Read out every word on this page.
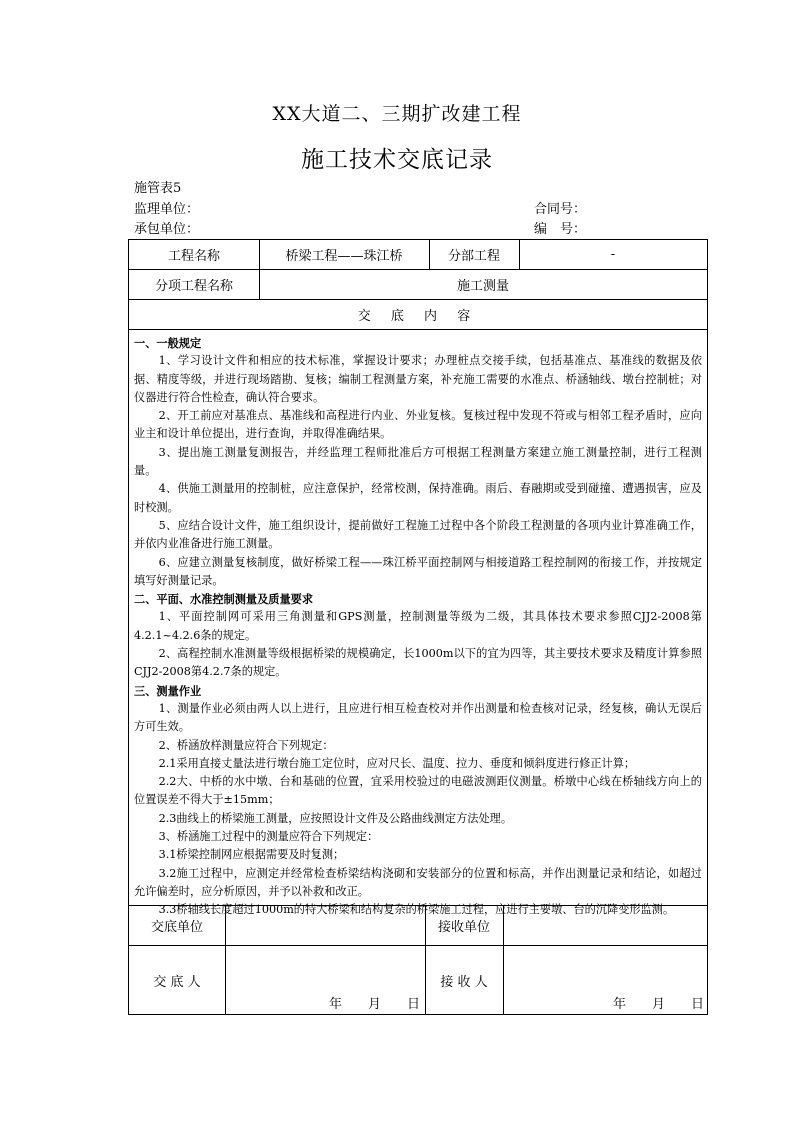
XX大道二、三期扩改建工程
施工技术交底记录
施管表5
监理单位：	合同号：
承包单位：	编　号：
工程名称	桥梁工程——珠江桥	分部工程	-
分项工程名称	施工测量
交 底 内 容

一、一般规定

1、学习设计文件和相应的技术标准，掌握设计要求；办理桩点交接手续，包括基准点、基准线的数据及依据、精度等级，并进行现场踏勘、复核；编制工程测量方案，补充施工需要的水准点、桥涵轴线、墩台控制桩；对仪器进行符合性检查，确认符合要求。

2、开工前应对基准点、基准线和高程进行内业、外业复核。复核过程中发现不符或与相邻工程矛盾时，应向业主和设计单位提出，进行查询，并取得准确结果。

3、提出施工测量复测报告，并经监理工程师批准后方可根据工程测量方案建立施工测量控制，进行工程测量。

4、供施工测量用的控制桩，应注意保护，经常校测，保持准确。雨后、春融期或受到碰撞、遭遇损害，应及时校测。

5、应结合设计文件，施工组织设计，提前做好工程施工过程中各个阶段工程测量的各项内业计算准确工作，并依内业准备进行施工测量。

6、应建立测量复核制度，做好桥梁工程——珠江桥平面控制网与相接道路工程控制网的衔接工作，并按规定填写好测量记录。

二、平面、水准控制测量及质量要求

1、平面控制网可采用三角测量和GPS测量，控制测量等级为二级，其具体技术要求参照CJJ2-2008第4.2.1~4.2.6条的规定。

2、高程控制水准测量等级根据桥梁的规模确定，长1000m以下的宜为四等，其主要技术要求及精度计算参照CJJ2-2008第4.2.7条的规定。

三、测量作业

1、测量作业必须由两人以上进行，且应进行相互检查校对并作出测量和检查核对记录，经复核，确认无误后方可生效。

2、桥涵放样测量应符合下列规定：

2.1采用直接丈量法进行墩台施工定位时，应对尺长、温度、拉力、垂度和倾斜度进行修正计算；

2.2大、中桥的水中墩、台和基础的位置，宜采用校验过的电磁波测距仪测量。桥墩中心线在桥轴线方向上的位置误差不得大于±15mm；

2.3曲线上的桥梁施工测量，应按照设计文件及公路曲线测定方法处理。

3、桥涵施工过程中的测量应符合下列规定：

3.1桥梁控制网应根据需要及时复测；

3.2施工过程中，应测定并经常检查桥梁结构浇砌和安装部分的位置和标高，并作出测量记录和结论，如超过允许偏差时，应分析原因，并予以补救和改正。

3.3桥轴线长度超过1000m的特大桥梁和结构复杂的桥梁施工过程，应进行主要墩、台的沉降变形监测。

交底单位	接收单位
交 底 人	接 收 人
年　　月　　日	年　　月　　日
